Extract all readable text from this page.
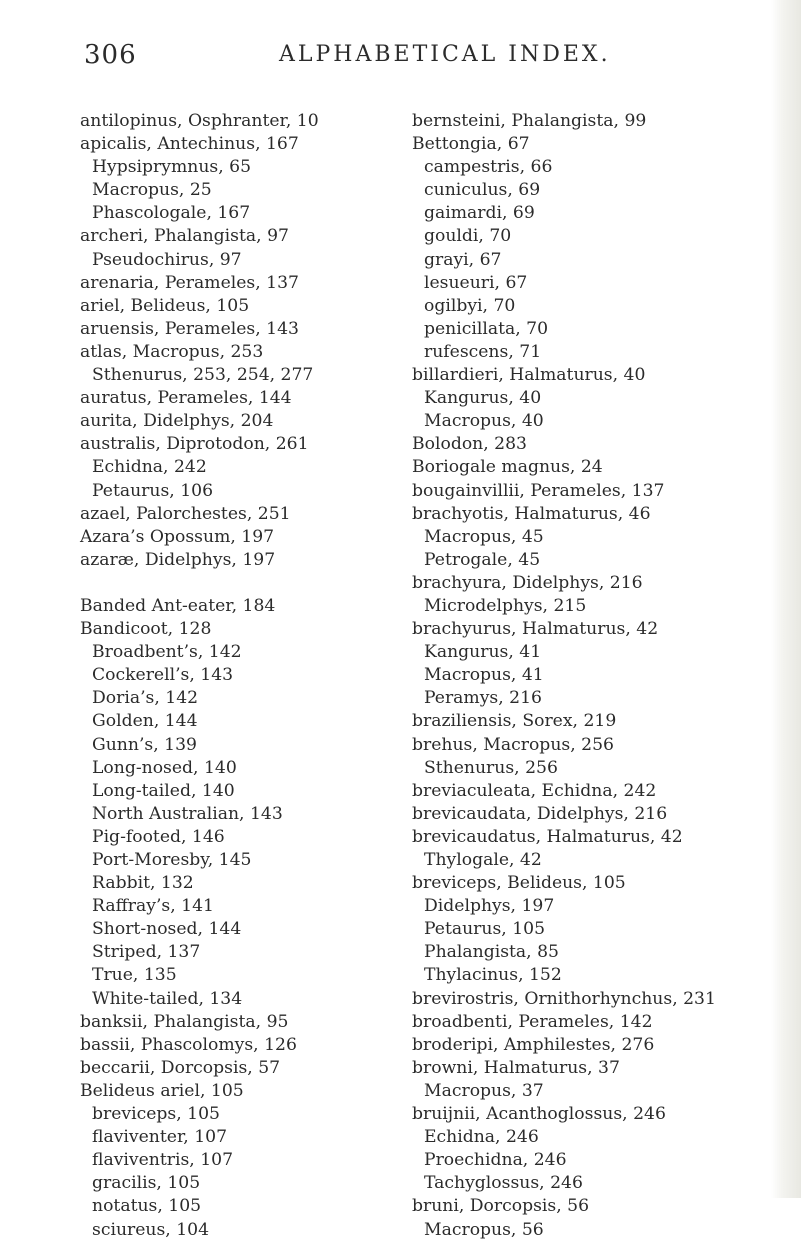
306	ALPHABETICAL INDEX.
antilopinus, Osphranter, 10
apicalis, Antechinus, 167
Hypsiprymnus, 65
Macropus, 25
Phascologale, 167
archeri, Phalangista, 97
Pseudochirus, 97
arenaria, Perameles, 137
ariel, Belideus, 105
aruensis, Perameles, 143
atlas, Macropus, 253
Sthenurus, 253, 254, 277
auratus, Perameles, 144
aurita, Didelphys, 204
australis, Diprotodon, 261
Echidna, 242
Petaurus, 106
azael, Palorchestes, 251
Azara’s Opossum, 197
azaræ, Didelphys, 197
Banded Ant-eater, 184
Bandicoot, 128
Broadbent’s, 142
Cockerell’s, 143
Doria’s, 142
Golden, 144
Gunn’s, 139
Long-nosed, 140
Long-tailed, 140
North Australian, 143
Pig-footed, 146
Port-Moresby, 145
Rabbit, 132
Raffray’s, 141
Short-nosed, 144
Striped, 137
True, 135
White-tailed, 134
banksii, Phalangista, 95
bassii, Phascolomys, 126
beccarii, Dorcopsis, 57
Belideus ariel, 105
breviceps, 105
flaviventer, 107
flaviventris, 107
gracilis, 105
notatus, 105
sciureus, 104
bernsteini, Phalangista, 99
Bettongia, 67
campestris, 66
cuniculus, 69
gaimardi, 69
gouldi, 70
grayi, 67
lesueuri, 67
ogilbyi, 70
penicillata, 70
rufescens, 71
billardieri, Halmaturus, 40
Kangurus, 40
Macropus, 40
Bolodon, 283
Boriogale magnus, 24
bougainvillii, Perameles, 137
brachyotis, Halmaturus, 46
Macropus, 45
Petrogale, 45
brachyura, Didelphys, 216
Microdelphys, 215
brachyurus, Halmaturus, 42
Kangurus, 41
Macropus, 41
Peramys, 216
braziliensis, Sorex, 219
brehus, Macropus, 256
Sthenurus, 256
breviaculeata, Echidna, 242
brevicaudata, Didelphys, 216
brevicaudatus, Halmaturus, 42
Thylogale, 42
breviceps, Belideus, 105
Didelphys, 197
Petaurus, 105
Phalangista, 85
Thylacinus, 152
brevirostris, Ornithorhynchus, 231
broadbenti, Perameles, 142
broderipi, Amphilestes, 276
browni, Halmaturus, 37
Macropus, 37
bruijnii, Acanthoglossus, 246
Echidna, 246
Proechidna, 246
Tachyglossus, 246
bruni, Dorcopsis, 56
Macropus, 56
